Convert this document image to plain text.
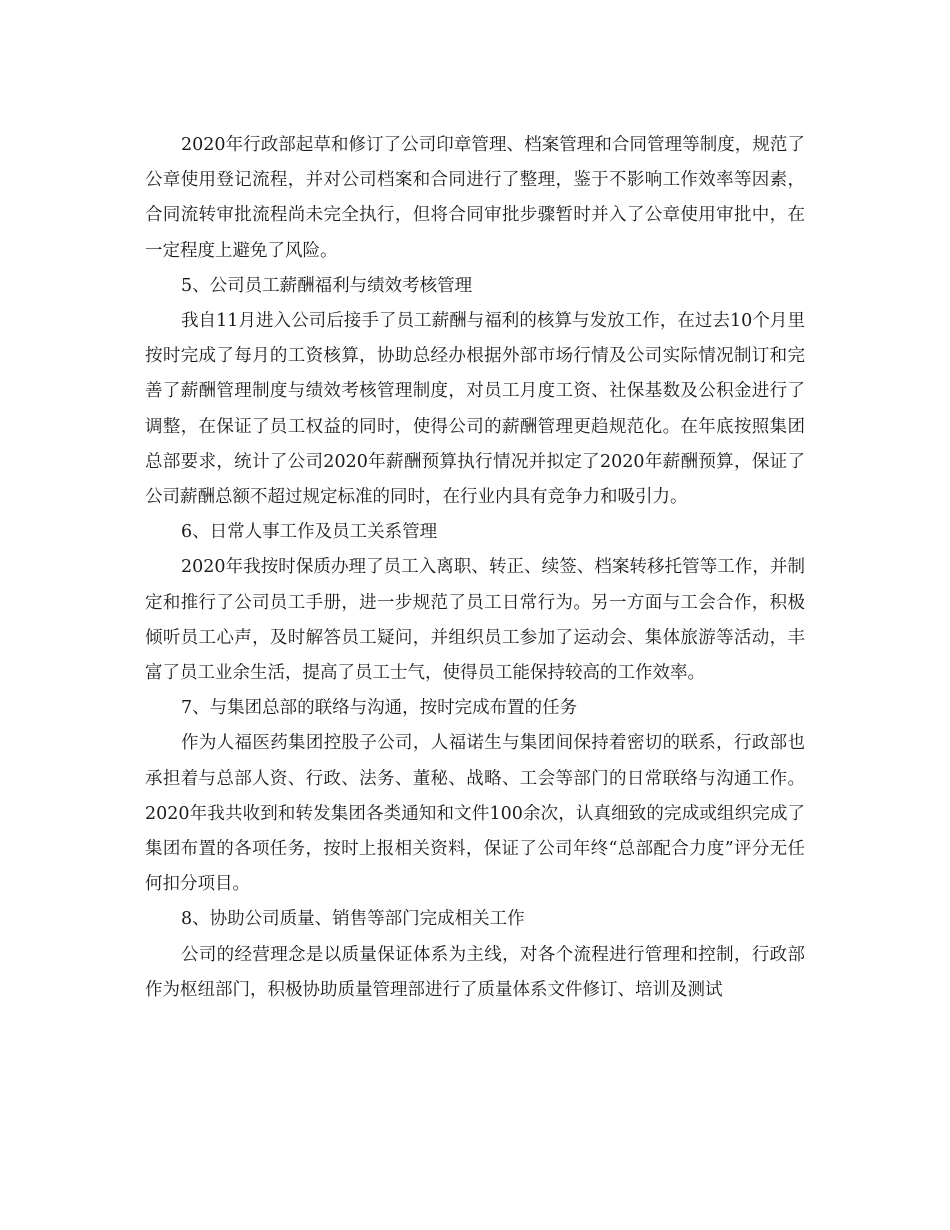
2020年行政部起草和修订了公司印章管理、档案管理和合同管理等制度，规范了公章使用登记流程，并对公司档案和合同进行了整理，鉴于不影响工作效率等因素，合同流转审批流程尚未完全执行，但将合同审批步骤暂时并入了公章使用审批中，在一定程度上避免了风险。

5、公司员工薪酬福利与绩效考核管理

我自11月进入公司后接手了员工薪酬与福利的核算与发放工作，在过去10个月里按时完成了每月的工资核算，协助总经办根据外部市场行情及公司实际情况制订和完善了薪酬管理制度与绩效考核管理制度，对员工月度工资、社保基数及公积金进行了调整，在保证了员工权益的同时，使得公司的薪酬管理更趋规范化。在年底按照集团总部要求，统计了公司2020年薪酬预算执行情况并拟定了2020年薪酬预算，保证了公司薪酬总额不超过规定标准的同时，在行业内具有竞争力和吸引力。

6、日常人事工作及员工关系管理

2020年我按时保质办理了员工入离职、转正、续签、档案转移托管等工作，并制定和推行了公司员工手册，进一步规范了员工日常行为。另一方面与工会合作，积极倾听员工心声，及时解答员工疑问，并组织员工参加了运动会、集体旅游等活动，丰富了员工业余生活，提高了员工士气，使得员工能保持较高的工作效率。

7、与集团总部的联络与沟通，按时完成布置的任务

作为人福医药集团控股子公司，人福诺生与集团间保持着密切的联系，行政部也承担着与总部人资、行政、法务、董秘、战略、工会等部门的日常联络与沟通工作。2020年我共收到和转发集团各类通知和文件100余次，认真细致的完成或组织完成了集团布置的各项任务，按时上报相关资料，保证了公司年终“总部配合力度”评分无任何扣分项目。

8、协助公司质量、销售等部门完成相关工作

公司的经营理念是以质量保证体系为主线，对各个流程进行管理和控制，行政部作为枢纽部门，积极协助质量管理部进行了质量体系文件修订、培训及测试
